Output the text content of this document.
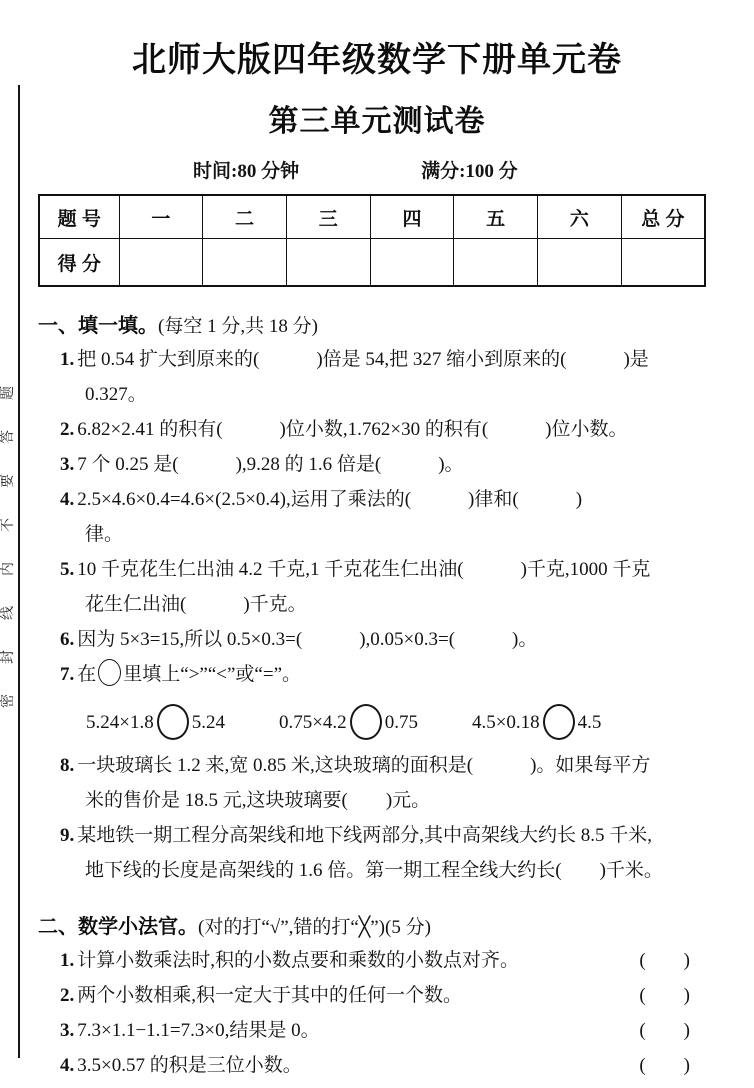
题
答
要
不
内
线
封
密
北师大版四年级数学下册单元卷
第三单元测试卷
时间:80 分钟	满分:100 分
题 号	一	二	三	四	五	六	总 分
得 分							
一、填一填。(每空 1 分,共 18 分)
1. 把 0.54 扩大到原来的(　　　)倍是 54,把 327 缩小到原来的(　　　)是
0.327。
2. 6.82×2.41 的积有(　　　)位小数,1.762×30 的积有(　　　)位小数。
3. 7 个 0.25 是(　　　),9.28 的 1.6 倍是(　　　)。
4. 2.5×4.6×0.4=4.6×(2.5×0.4),运用了乘法的(　　　)律和(　　　)
律。
5. 10 千克花生仁出油 4.2 千克,1 千克花生仁出油(　　　)千克,1000 千克
花生仁出油(　　　)千克。
6. 因为 5×3=15,所以 0.5×0.3=(　　　),0.05×0.3=(　　　)。
7. 在 里填上“>”“<”或“=”。
5.24×1.8 5.24	0.75×4.2 0.75	4.5×0.18 4.5
8. 一块玻璃长 1.2 来,宽 0.85 米,这块玻璃的面积是(　　　)。如果每平方
米的售价是 18.5 元,这块玻璃要(　　)元。
9. 某地铁一期工程分高架线和地下线两部分,其中高架线大约长 8.5 千米,
地下线的长度是高架线的 1.6 倍。第一期工程全线大约长(　　)千米。
二、数学小法官。(对的打“√”,错的打“╳”)(5 分)
1. 计算小数乘法时,积的小数点要和乘数的小数点对齐。	(　　)
2. 两个小数相乘,积一定大于其中的任何一个数。	(　　)
3. 7.3×1.1−1.1=7.3×0,结果是 0。	(　　)
4. 3.5×0.57 的积是三位小数。	(　　)
